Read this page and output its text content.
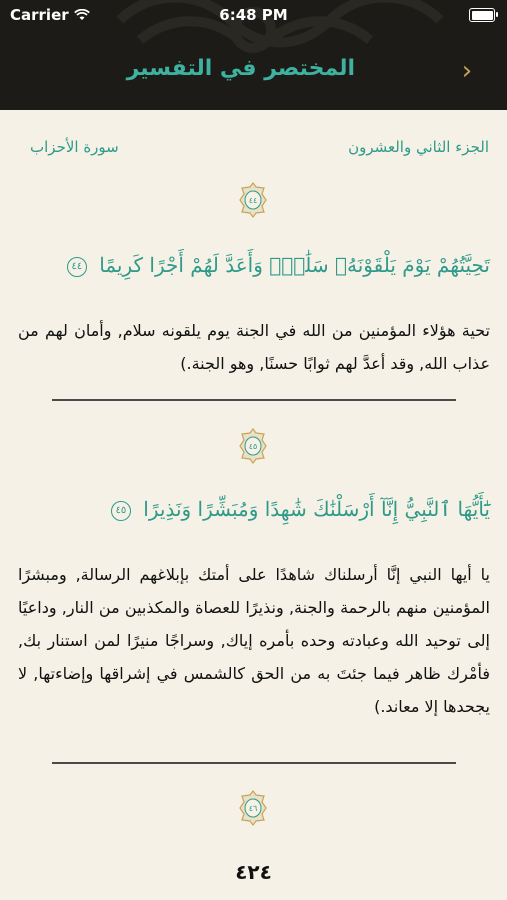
Carrier	6:48 PM
›
المختصر في التفسير
الجزء الثاني والعشرون
سورة الأحزاب
٤٤
تَحِيَّتُهُمْ يَوْمَ يَلْقَوْنَهُۥ سَلَٰمٌۚ وَأَعَدَّ لَهُمْ أَجْرًا كَرِيمًا ٤٤
تحية هؤلاء المؤمنين من الله في الجنة يوم يلقونه سلام, وأمان لهم من عذاب الله, وقد أعدَّ لهم ثوابًا حسنًا, وهو الجنة.)
٤٥
يَٰٓأَيُّهَا ٱلنَّبِيُّ إِنَّآ أَرْسَلْنَٰكَ شَٰهِدًا وَمُبَشِّرًا وَنَذِيرًا ٤٥
يا أيها النبي إنَّا أرسلناك شاهدًا على أمتك بإبلاغهم الرسالة, ومبشرًا المؤمنين منهم بالرحمة والجنة, ونذيرًا للعصاة والمكذبين من النار, وداعيًا إلى توحيد الله وعبادته وحده بأمره إياك, وسراجًا منيرًا لمن استنار بك, فأمْرك ظاهر فيما جئتَ به من الحق كالشمس في إشراقها وإضاءتها, لا يجحدها إلا معاند.)
٤٦
٤٢٤
